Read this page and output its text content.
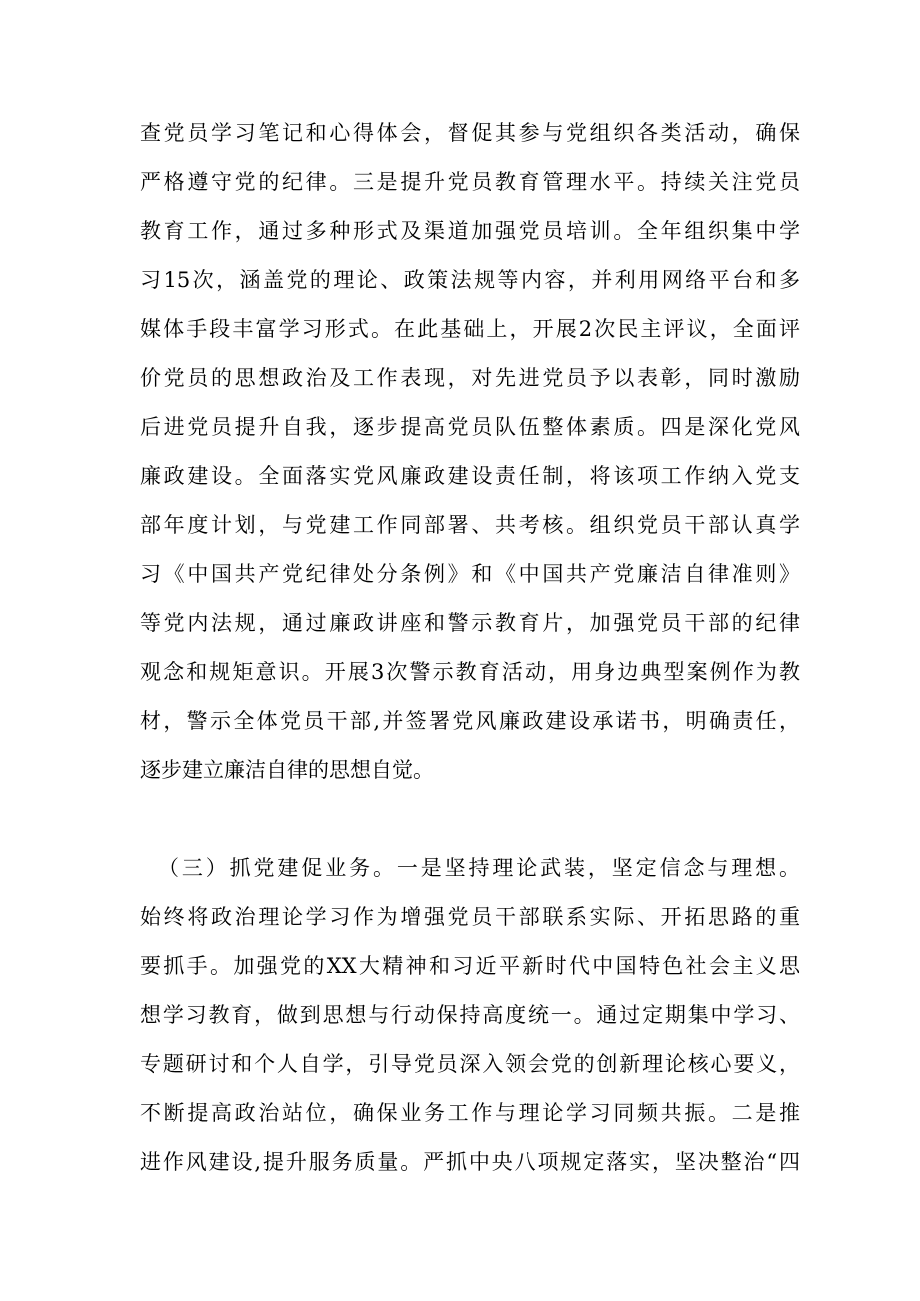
查党员学习笔记和心得体会，督促其参与党组织各类活动，确保
严格遵守党的纪律。三是提升党员教育管理水平。持续关注党员
教育工作，通过多种形式及渠道加强党员培训。全年组织集中学
习15次，涵盖党的理论、政策法规等内容，并利用网络平台和多
媒体手段丰富学习形式。在此基础上，开展2次民主评议，全面评
价党员的思想政治及工作表现，对先进党员予以表彰，同时激励
后进党员提升自我，逐步提高党员队伍整体素质。四是深化党风
廉政建设。全面落实党风廉政建设责任制，将该项工作纳入党支
部年度计划，与党建工作同部署、共考核。组织党员干部认真学
习《中国共产党纪律处分条例》和《中国共产党廉洁自律准则》
等党内法规，通过廉政讲座和警示教育片，加强党员干部的纪律
观念和规矩意识。开展3次警示教育活动，用身边典型案例作为教
材，警示全体党员干部,并签署党风廉政建设承诺书，明确责任，
逐步建立廉洁自律的思想自觉。
（三）抓党建促业务。一是坚持理论武装，坚定信念与理想。
始终将政治理论学习作为增强党员干部联系实际、开拓思路的重
要抓手。加强党的XX大精神和习近平新时代中国特色社会主义思
想学习教育，做到思想与行动保持高度统一。通过定期集中学习、
专题研讨和个人自学，引导党员深入领会党的创新理论核心要义，
不断提高政治站位，确保业务工作与理论学习同频共振。二是推
进作风建设,提升服务质量。严抓中央八项规定落实，坚决整治“四
